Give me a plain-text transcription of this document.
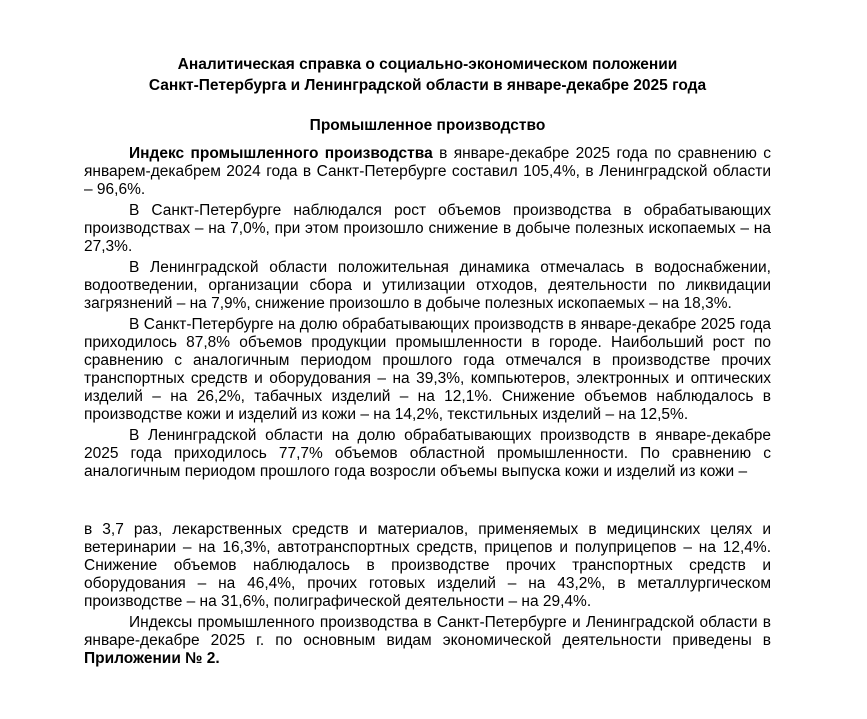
Аналитическая справка о социально-экономическом положении
Санкт-Петербурга и Ленинградской области в январе-декабре 2025 года

Промышленное производство

Индекс промышленного производства в январе-декабре 2025 года по сравнению с январем-декабрем 2024 года в Санкт-Петербурге составил 105,4%, в Ленинградской области – 96,6%.

В Санкт-Петербурге наблюдался рост объемов производства в обрабатывающих производствах – на 7,0%, при этом произошло снижение в добыче полезных ископаемых – на 27,3%.

В Ленинградской области положительная динамика отмечалась в водоснабжении, водоотведении, организации сбора и утилизации отходов, деятельности по ликвидации загрязнений – на 7,9%, снижение произошло в добыче полезных ископаемых – на 18,3%.

В Санкт-Петербурге на долю обрабатывающих производств в январе-декабре 2025 года приходилось 87,8% объемов продукции промышленности в городе. Наибольший рост по сравнению с аналогичным периодом прошлого года отмечался в производстве прочих транспортных средств и оборудования – на 39,3%, компьютеров, электронных и оптических изделий – на 26,2%, табачных изделий – на 12,1%. Снижение объемов наблюдалось в производстве кожи и изделий из кожи – на 14,2%, текстильных изделий – на 12,5%.

В Ленинградской области на долю обрабатывающих производств в январе-декабре 2025 года приходилось 77,7% объемов областной промышленности. По сравнению с аналогичным периодом прошлого года возросли объемы выпуска кожи и изделий из кожи –

в 3,7 раз, лекарственных средств и материалов, применяемых в медицинских целях и ветеринарии – на 16,3%, автотранспортных средств, прицепов и полуприцепов – на 12,4%. Снижение объемов наблюдалось в производстве прочих транспортных средств и оборудования – на 46,4%, прочих готовых изделий – на 43,2%, в металлургическом производстве – на 31,6%, полиграфической деятельности – на 29,4%.

Индексы промышленного производства в Санкт-Петербурге и Ленинградской области в январе-декабре 2025 г. по основным видам экономической деятельности приведены в Приложении № 2.
